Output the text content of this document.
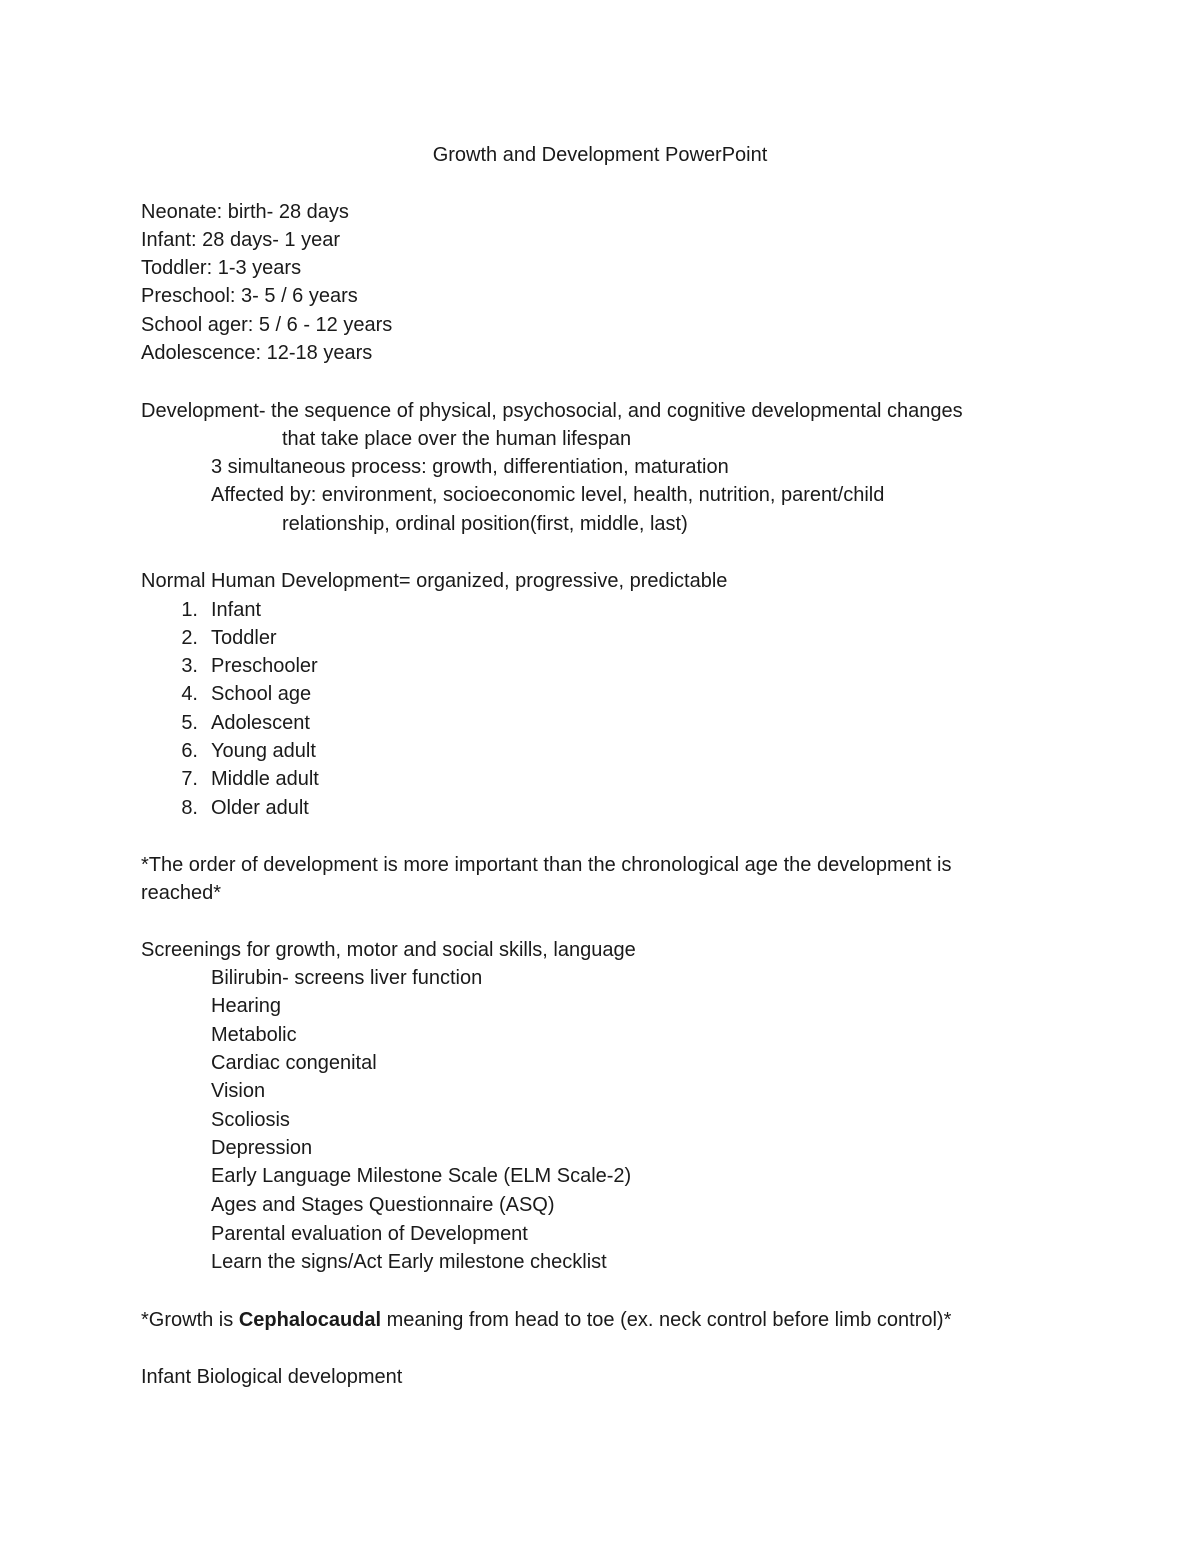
Growth and Development PowerPoint
Neonate: birth- 28 days
Infant: 28 days- 1 year
Toddler: 1-3 years
Preschool: 3- 5 / 6 years
School ager: 5 / 6 - 12 years
Adolescence: 12-18 years
Development- the sequence of physical, psychosocial, and cognitive developmental changes
that take place over the human lifespan
3 simultaneous process: growth, differentiation, maturation
Affected by: environment, socioeconomic level, health, nutrition, parent/child
relationship, ordinal position(first, middle, last)
Normal Human Development= organized, progressive, predictable
1. Infant
2. Toddler
3. Preschooler
4. School age
5. Adolescent
6. Young adult
7. Middle adult
8. Older adult
*The order of development is more important than the chronological age the development is
reached*
Screenings for growth, motor and social skills, language
Bilirubin- screens liver function
Hearing
Metabolic
Cardiac congenital
Vision
Scoliosis
Depression
Early Language Milestone Scale (ELM Scale-2)
Ages and Stages Questionnaire (ASQ)
Parental evaluation of Development
Learn the signs/Act Early milestone checklist
*Growth is Cephalocaudal meaning from head to toe (ex. neck control before limb control)*
Infant Biological development
